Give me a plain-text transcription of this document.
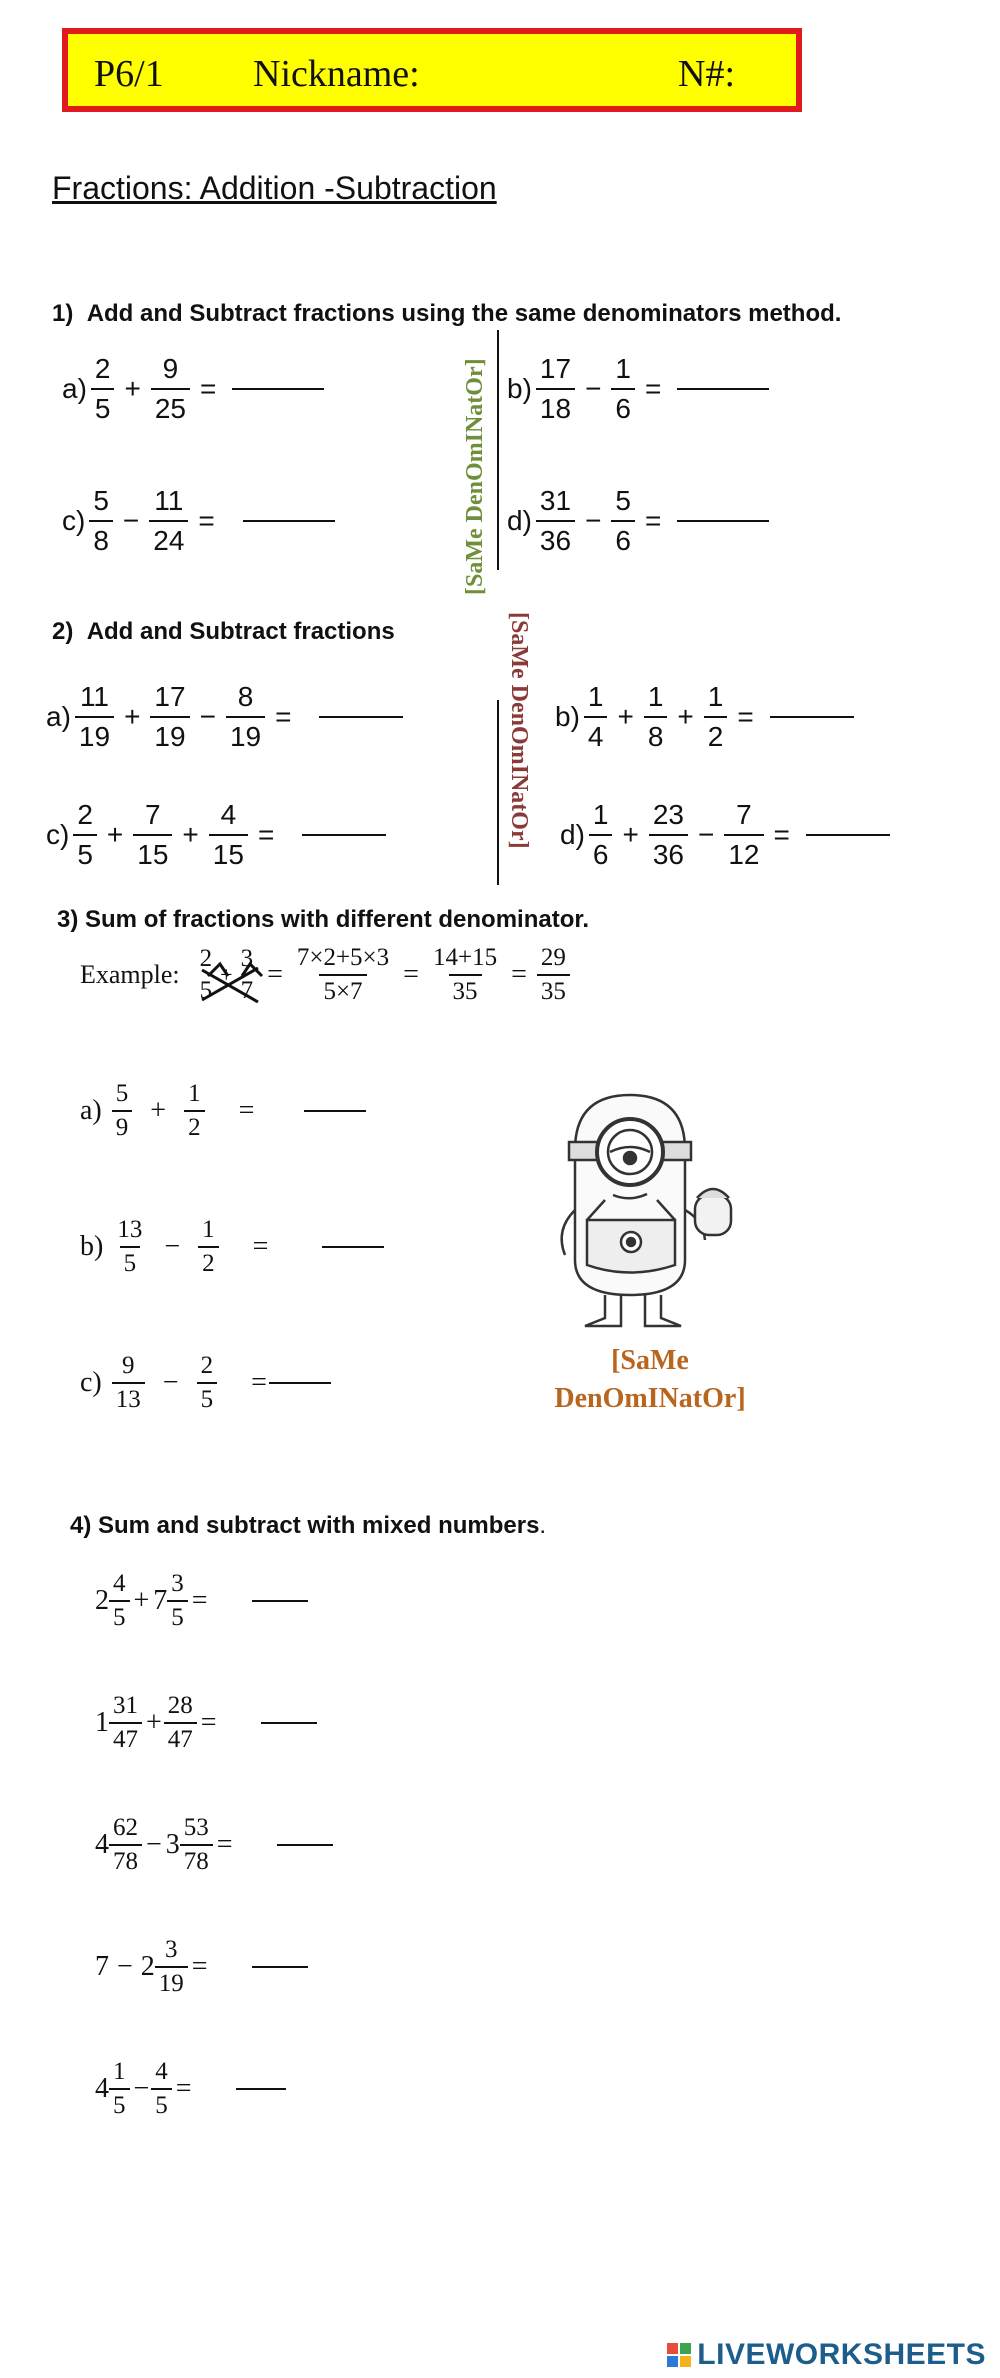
P6/1 Nickname:	N#:
Fractions: Addition -Subtraction
1) Add and Subtract fractions using the same denominators method.
$a) \frac{2}{5} + \frac{9}{25}$ =	$b) \frac{17}{18} - \frac{1}{6}$ =
$c) \frac{5}{8} - \frac{11}{24}$ =	$d) \frac{31}{36} - \frac{5}{6}$ =
[SaMe DenOmINatOr]
2) Add and Subtract fractions
$a) \frac{11}{19} + \frac{17}{19} - \frac{8}{19}$ =	$b) \frac{1}{4} + \frac{1}{8} + \frac{1}{2}$ =
$c) \frac{2}{5} + \frac{7}{15} + \frac{4}{15}$ =	$d) \frac{1}{6} + \frac{23}{36} - \frac{7}{12}$ =
[SaMe DenOmINatOr]
3) Sum of fractions with different denominator.
Example:
2
5
+
3
7
= $\frac{7\times 2+5\times 3}{5\times 7} = \frac{14+15}{35} = \frac{29}{35}$
$a) \frac{5}{9} + \frac{1}{2}$ =
$b) \frac{13}{5} - \frac{1}{2}$ =
$c) \frac{9}{13} - \frac{2}{5}$ =
[SaMe
DenOmINatOr]
4) Sum and subtract with mixed numbers.
$2 \frac{4}{5} + 7 \frac{3}{5}$ =
$1 \frac{31}{47} + \frac{28}{47}$ =
$4 \frac{62}{78} - 3 \frac{53}{78}$ =
$7 - 2 \frac{3}{19}$ =
$4 \frac{1}{5} - \frac{4}{5}$ =
LIVEWORKSHEETS
